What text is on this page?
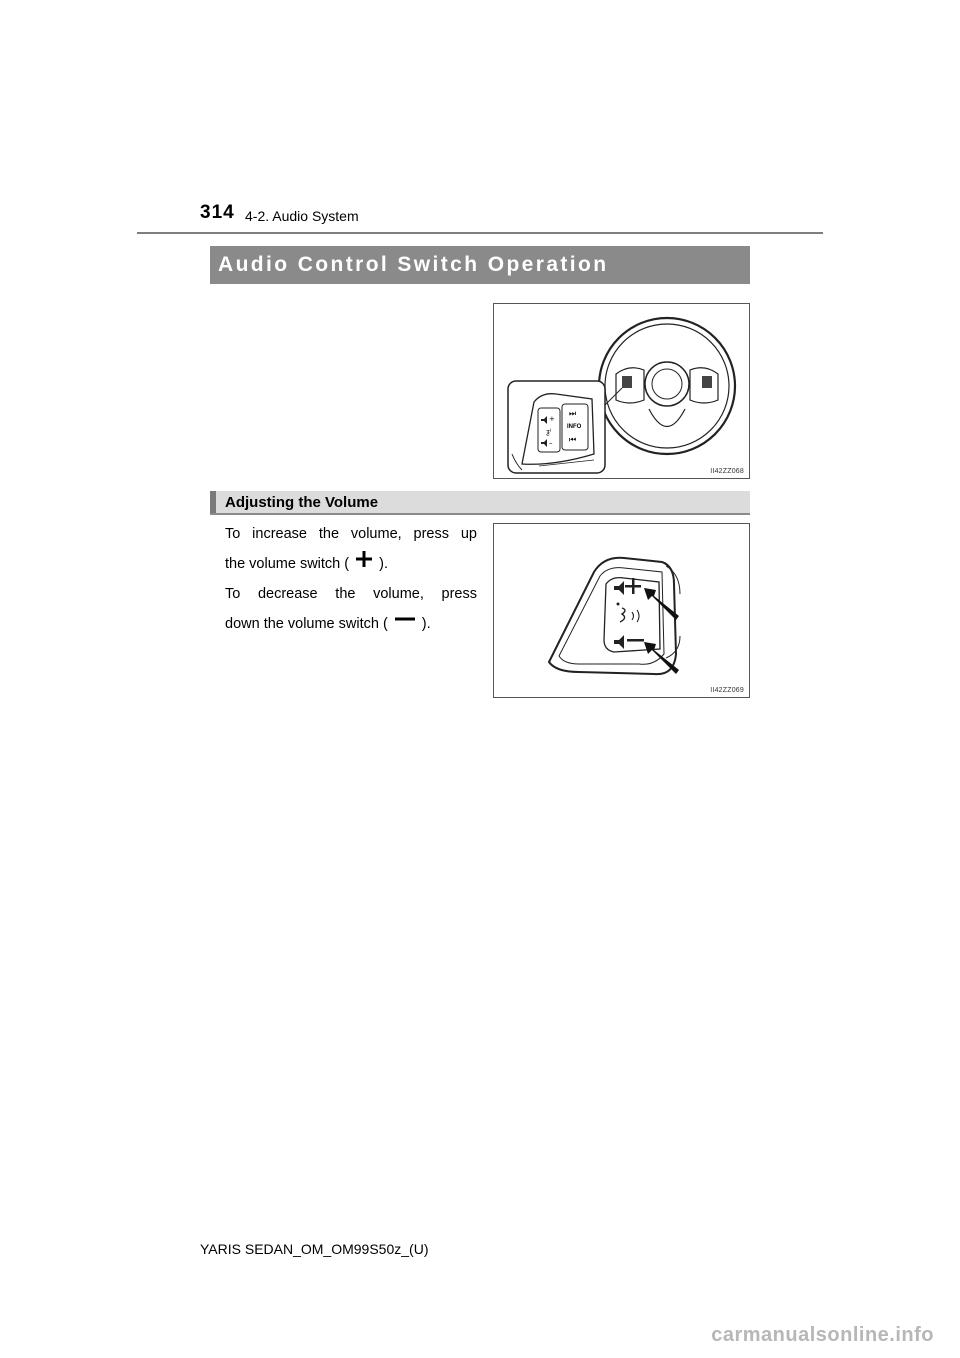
314 4-2. Audio System
Audio Control Switch Operation
+
–
ƺ⁾
⏭
INFO
⏮
II42ZZ068
Adjusting the Volume
To increase the volume, press up
the volume switch ( ).
To decrease the volume, press
down the volume switch ( ).
II42ZZ069
YARIS SEDAN_OM_OM99S50z_(U)
carmanualsonline.info
